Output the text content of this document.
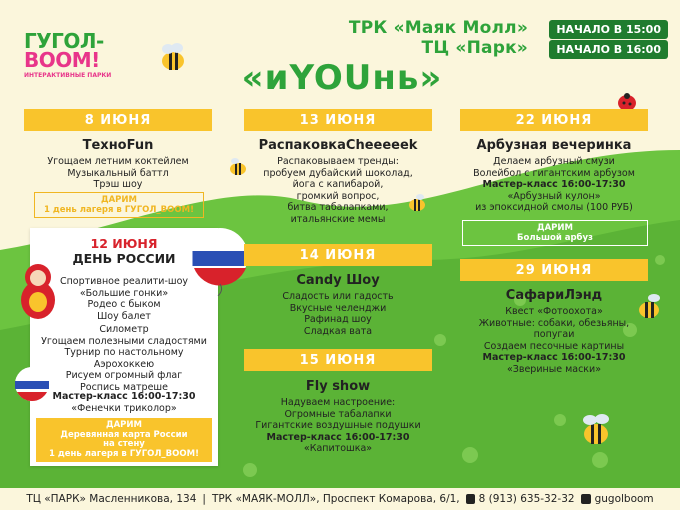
ГУГОЛ-
BOOM!
ИНТЕРАКТИВНЫЕ ПАРКИ
ТРК «Маяк Молл»	НАЧАЛО В 15:00
ТЦ «Парк»	НАЧАЛО В 16:00
«иYOUнь»
8 ИЮНЯ
ТехноFun
Угощаем летним коктейлем
Музыкальный баттл
Трэш шоу
ДАРИМ
1 день лагеря в ГУГОЛ_BOOM!
12 ИЮНЯ
ДЕНЬ РОССИИ
Спортивное реалити-шоу
«Большие гонки»
Родео с быком
Шоу балет
Силометр
Угощаем полезными сладостями
Турнир по настольному
Аэрохоккею
Рисуем огромный флаг
Роспись матреше
Мастер-класс 16:00-17:30
«Фенечки триколор»
ДАРИМ
Деревянная карта России
на стену
1 день лагеря в ГУГОЛ_BOOM!
13 ИЮНЯ
РаспаковкаCheeeeek
Распаковываем тренды:
пробуем дубайский шоколад,
йога с капибарой,
громкий вопрос,
битва табалапками,
итальянские мемы
14 ИЮНЯ
Candy Шоу
Сладость или гадость
Вкусные челенджи
Рафинад шоу
Сладкая вата
15 ИЮНЯ
Fly show
Надуваем настроение:
Огромные табалапки
Гигантские воздушные подушки
Мастер-класс 16:00-17:30
«Капитошка»
22 ИЮНЯ
Арбузная вечеринка
Делаем арбузный смузи
Волейбол с гигантским арбузом
Мастер-класс 16:00-17:30
«Арбузный кулон»
из эпоксидной смолы (100 РУБ)
ДАРИМ
Большой арбуз
29 ИЮНЯ
СафариЛэнд
Квест «Фотоохота»
Животные: собаки, обезьяны,
попугаи
Создаем песочные картины
Мастер-класс 16:00-17:30
«Звериные маски»
ТЦ «ПАРК» Масленникова, 134 | ТРК «МАЯК-МОЛЛ», Проспект Комарова, 6/1, 8 (913) 635-32-32 gugolboom
